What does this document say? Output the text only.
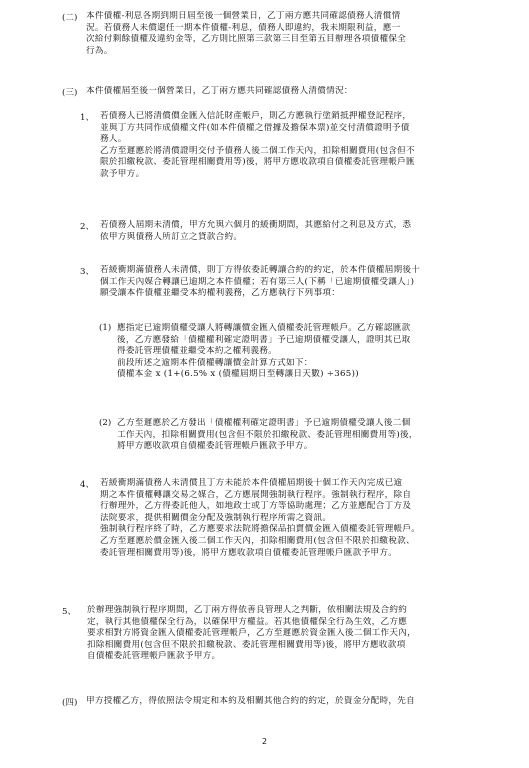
(二) 本件債權-利息各期到期日屆至後一個營業日，乙丁兩方應共同確認債務人清償情
況。若債務人未償還任一期本件債權-利息，債務人即違約，我未期限利益，應一
次給付剩餘債權及違約金等，乙方則比照第三款第三目至第五目辦理各項債權保全
行為。
(三) 本件債權屆至後一個營業日，乙丁兩方應共同確認債務人清償情況：
1、 若債務人已將清償價金匯入信託財產帳戶，則乙方應執行塗銷抵押權登記程序，
並與丁方共同作成債權文件(如本件債權之借據及擔保本票)並交付清償證明予債
務人。
乙方至遲應於將清償證明交付予債務人後二個工作天內，扣除相關費用(包含但不
限於扣繳稅款、委託管理相關費用等)後，將甲方應收款項自債權委託管理帳戶匯
款予甲方。
2、 若債務人屆期未清償，甲方允與六個月的緩衝期間，其應給付之利息及方式，悉
依甲方與債務人所訂立之貸款合約。
3、 若緩衝期滿債務人未清償，則丁方得依委託轉讓合約的約定，於本件債權屆期後十
個工作天內媒合轉讓已逾期之本件債權；若有第三人(下稱「已逾期債權受讓人」)
願受讓本件債權並繼受本約權利義務，乙方應執行下列事項：
(1) 應指定已逾期債權受讓人將轉讓價金匯入債權委託管理帳戶。乙方確認匯款
後，乙方應發給「債權權利確定證明書」予已逾期債權受讓人，證明其已取
得委託管理債權並繼受本約之權利義務。
前段所述之逾期本件債權轉讓價金計算方式如下：
債權本金 x (1+(6.5% x (債權屆期日至轉讓日天數) ÷365))
(2) 乙方至遲應於乙方發出「債權權利確定證明書」予已逾期債權受讓人後二個
工作天內，扣除相關費用(包含但不限於扣繳稅款、委託管理相關費用等)後，
將甲方應收款項自債權委託管理帳戶匯款予甲方。
4、 若緩衝期滿債務人未清償且丁方未能於本件債權屆期後十個工作天內完成已逾
期之本件債權轉讓交易之媒合，乙方應展開強制執行程序。強制執行程序，除自
行辦理外，乙方得委託他人，如地政士或丁方等協助處理；乙方並應配合丁方及
法院要求，提供相關價金分配及強制執行程序所需之資訊。
強制執行程序終了時，乙方應要求法院將擔保品拍賣價金匯入債權委託管理帳戶。
乙方至遲應於價金匯入後二個工作天內，扣除相關費用(包含但不限於扣繳稅款、
委託管理相關費用等)後，將甲方應收款項自債權委託管理帳戶匯款予甲方。
5、 於辦理強制執行程序期間，乙丁兩方得依善良管理人之判斷，依相關法規及合約約
定，執行其他債權保全行為，以確保甲方權益。若其他債權保全行為生效，乙方應
要求相對方將資金匯入債權委託管理帳戶，乙方至遲應於資金匯入後二個工作天內，
扣除相關費用(包含但不限於扣繳稅款、委託管理相關費用等)後，將甲方應收款項
自債權委託管理帳戶匯款予甲方。
(四) 甲方授權乙方，得依照法令規定和本約及相關其他合約的約定，於資金分配時，先自
2
